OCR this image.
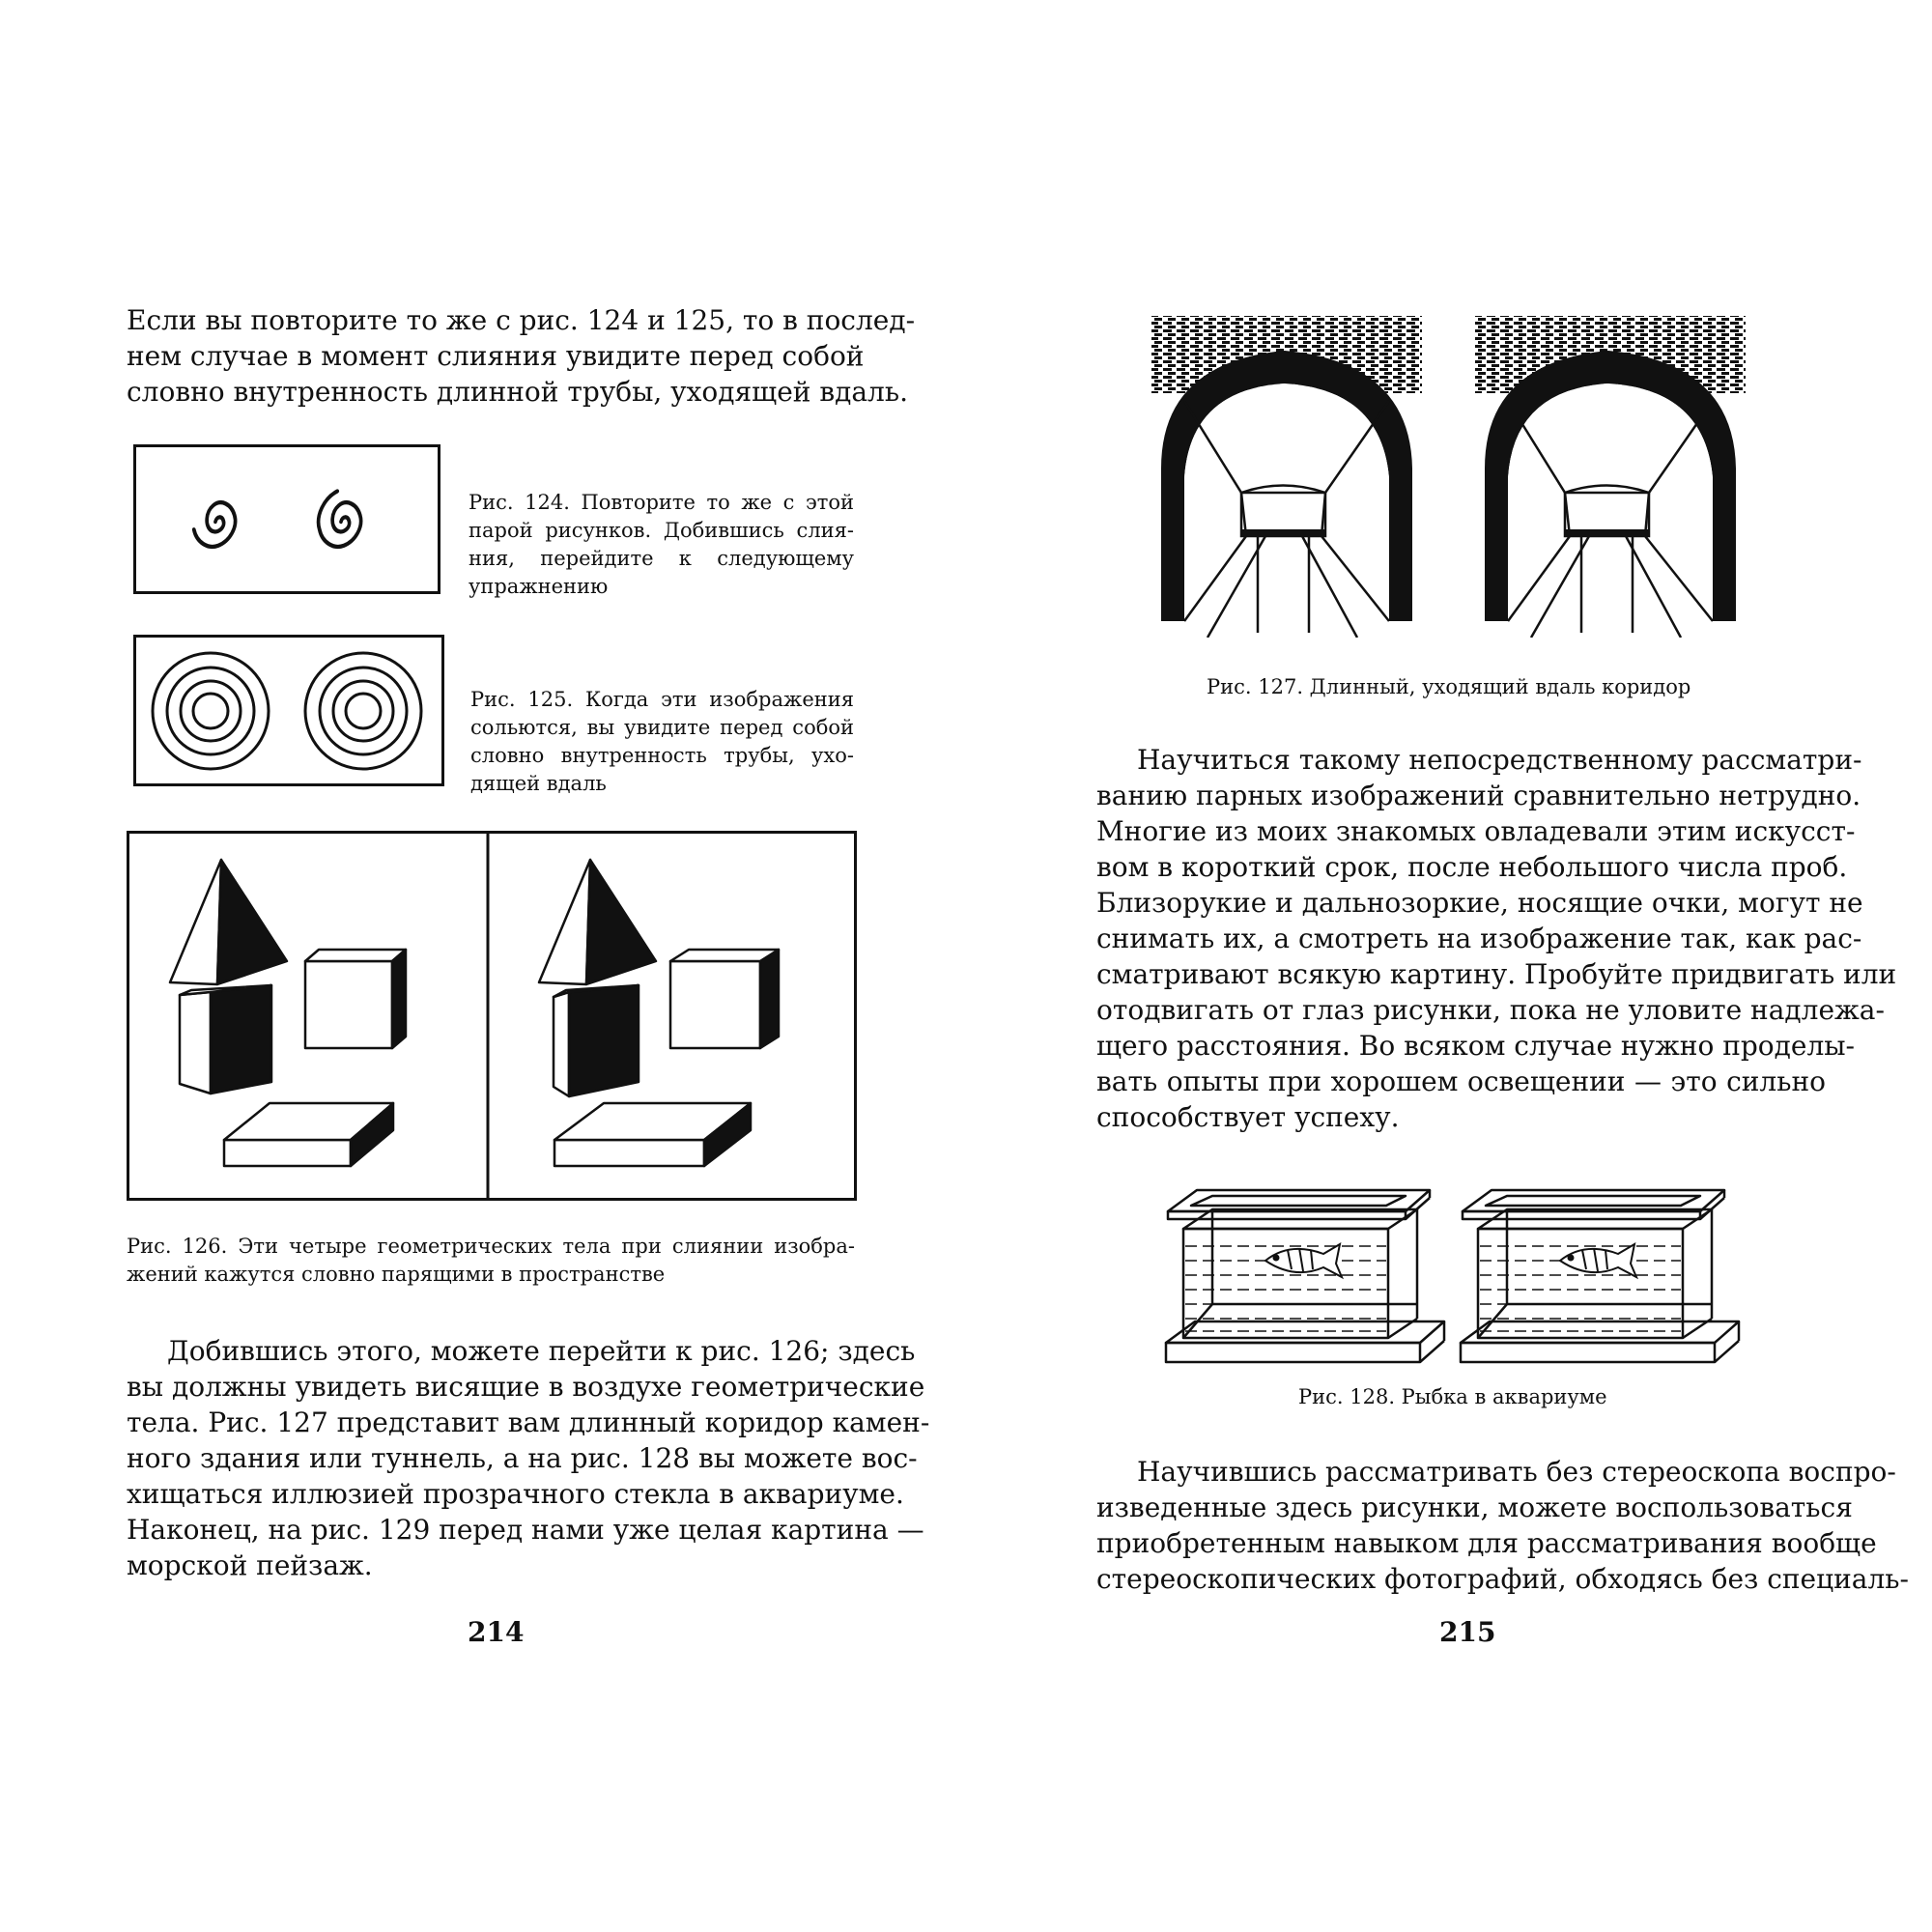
Если вы повторите то же с рис. 124 и 125, то в послед-
нем случае в момент слияния увидите перед собой
словно внутренность длинной трубы, уходящей вдаль.
Рис. 124. Повторите то же с этой
парой рисунков. Добившись слия-
ния, перейдите к следующему
упражнению
Рис. 125. Когда эти изображения
сольются, вы увидите перед собой
словно внутренность трубы, ухо-
дящей вдаль
Рис. 126. Эти четыре геометрических тела при слиянии изобра-
жений кажутся словно парящими в пространстве
Добившись этого, можете перейти к рис. 126; здесь
вы должны увидеть висящие в воздухе геометрические
тела. Рис. 127 представит вам длинный коридор камен-
ного здания или туннель, а на рис. 128 вы можете вос-
хищаться иллюзией прозрачного стекла в аквариуме.
Наконец, на рис. 129 перед нами уже целая картина —
морской пейзаж.
214
Рис. 127. Длинный, уходящий вдаль коридор
Научиться такому непосредственному рассматри-
ванию парных изображений сравнительно нетрудно.
Многие из моих знакомых овладевали этим искусст-
вом в короткий срок, после небольшого числа проб.
Близорукие и дальнозоркие, носящие очки, могут не
снимать их, а смотреть на изображение так, как рас-
сматривают всякую картину. Пробуйте придвигать или
отодвигать от глаз рисунки, пока не уловите надлежа-
щего расстояния. Во всяком случае нужно проделы-
вать опыты при хорошем освещении — это сильно
способствует успеху.
Рис. 128. Рыбка в аквариуме
Научившись рассматривать без стереоскопа воспро-
изведенные здесь рисунки, можете воспользоваться
приобретенным навыком для рассматривания вообще
стереоскопических фотографий, обходясь без специаль-
215
